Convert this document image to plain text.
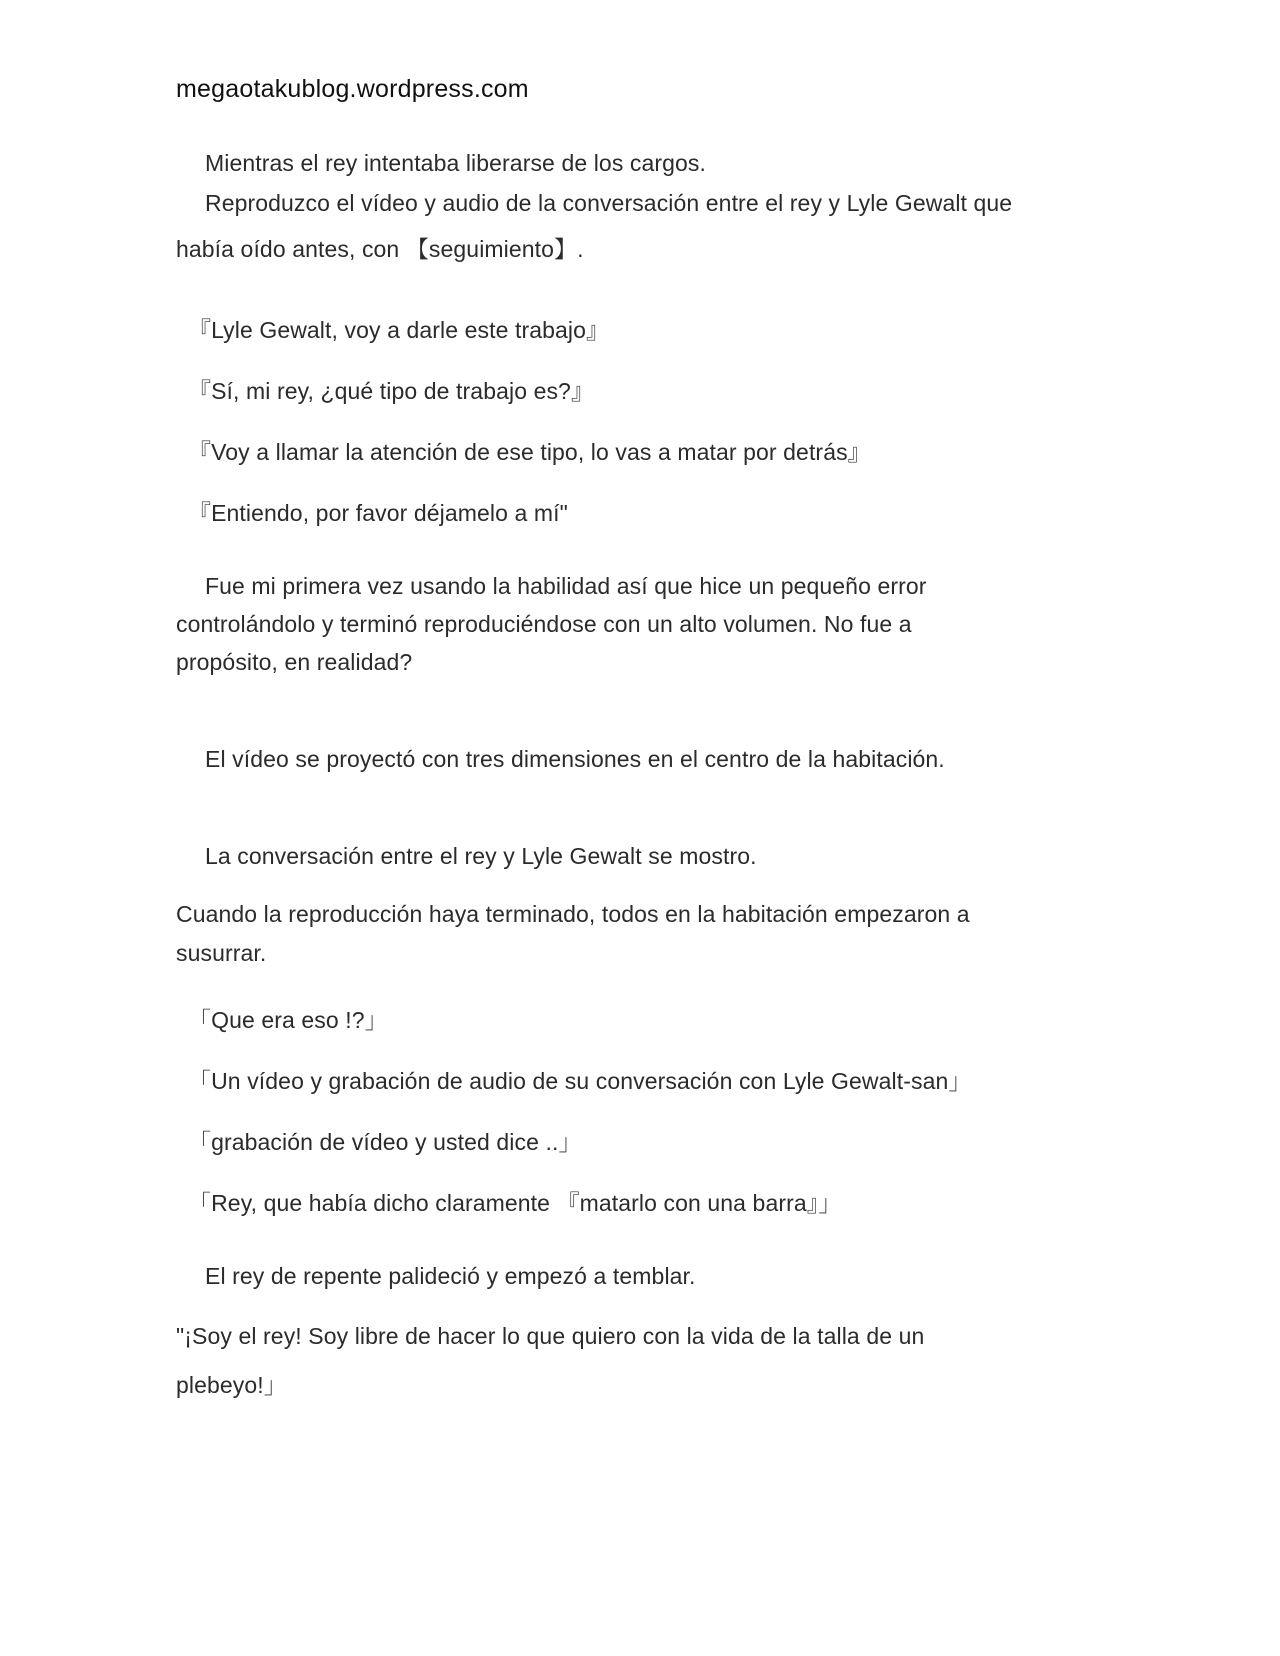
megaotakublog.wordpress.com
Mientras el rey intentaba liberarse de los cargos.
Reproduzco el vídeo y audio de la conversación entre el rey y Lyle Gewalt que
había oído antes, con 【seguimiento】.
『Lyle Gewalt, voy a darle este trabajo』
『Sí, mi rey, ¿qué tipo de trabajo es?』
『Voy a llamar la atención de ese tipo, lo vas a matar por detrás』
『Entiendo, por favor déjamelo a mí"
Fue mi primera vez usando la habilidad así que hice un pequeño error
controlándolo y terminó reproduciéndose con un alto volumen. No fue a
propósito, en realidad?
El vídeo se proyectó con tres dimensiones en el centro de la habitación.
La conversación entre el rey y Lyle Gewalt se mostro.
Cuando la reproducción haya terminado, todos en la habitación empezaron a
susurrar.
「Que era eso !?」
「Un vídeo y grabación de audio de su conversación con Lyle Gewalt-san」
「grabación de vídeo y usted dice ..」
「Rey, que había dicho claramente 『matarlo con una barra』」
El rey de repente palideció y empezó a temblar.
"¡Soy el rey! Soy libre de hacer lo que quiero con la vida de la talla de un
plebeyo!」
